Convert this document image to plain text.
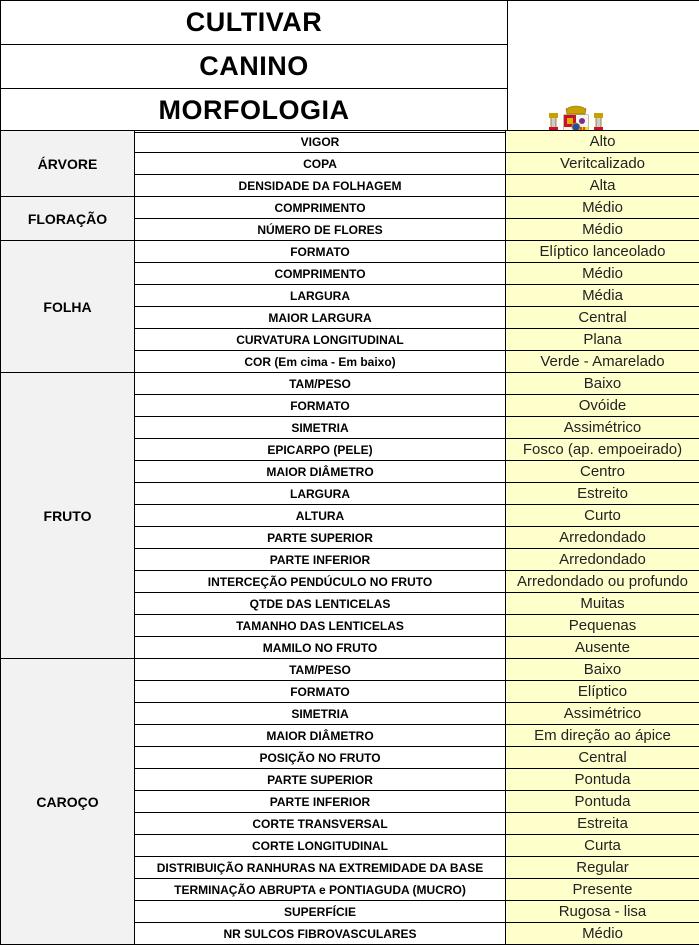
CULTIVAR	

CANINO
MORFOLOGIA
ÁRVORE	VIGOR	Alto
	COPA	Veritcalizado
	DENSIDADE DA FOLHAGEM	Alta
FLORAÇÃO	COMPRIMENTO	Médio
	NÚMERO DE FLORES	Médio
FOLHA	FORMATO	Elíptico lanceolado
	COMPRIMENTO	Médio
	LARGURA	Média
	MAIOR LARGURA	Central
	CURVATURA LONGITUDINAL	Plana
	COR (Em cima - Em baixo)	Verde - Amarelado
FRUTO	TAM/PESO	Baixo
	FORMATO	Ovóide
	SIMETRIA	Assimétrico
	EPICARPO (PELE)	Fosco (ap. empoeirado)
	MAIOR DIÂMETRO	Centro
	LARGURA	Estreito
	ALTURA	Curto
	PARTE SUPERIOR	Arredondado
	PARTE INFERIOR	Arredondado
	INTERCEÇÃO PENDÚCULO NO FRUTO	Arredondado ou profundo
	QTDE DAS LENTICELAS	Muitas
	TAMANHO DAS LENTICELAS	Pequenas
	MAMILO NO FRUTO	Ausente
CAROÇO	TAM/PESO	Baixo
	FORMATO	Elíptico
	SIMETRIA	Assimétrico
	MAIOR DIÂMETRO	Em direção ao ápice
	POSIÇÃO NO FRUTO	Central
	PARTE SUPERIOR	Pontuda
	PARTE INFERIOR	Pontuda
	CORTE TRANSVERSAL	Estreita
	CORTE LONGITUDINAL	Curta
	DISTRIBUIÇÃO RANHURAS NA EXTREMIDADE DA BASE	Regular
	TERMINAÇÃO ABRUPTA e PONTIAGUDA (MUCRO)	Presente
	SUPERFÍCIE	Rugosa - lisa
	NR SULCOS FIBROVASCULARES	Médio
